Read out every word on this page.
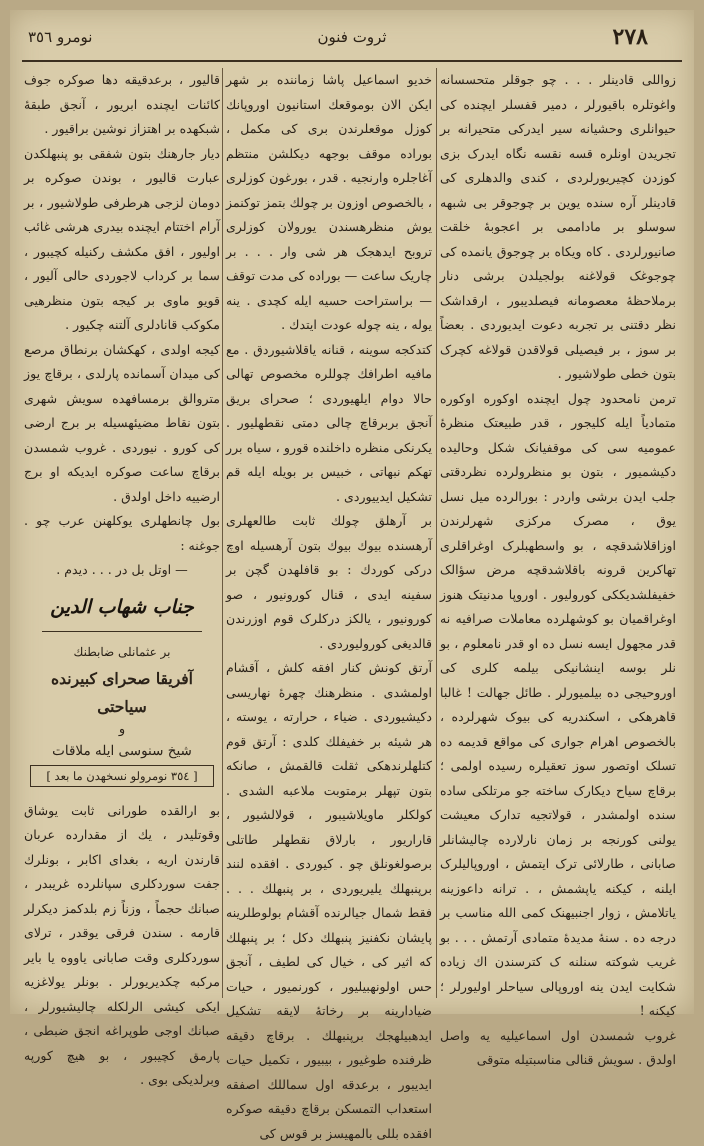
٢٧٨
ثروت فنون
نومرو ٣٥٦

زواللی قادینلر . . . چو جوقلر متحسسانه واغوتلره باقیورلر ، دمیر قفسلر ایچنده کی حیوانلری وحشیانه سیر ایدرکی متحیرانه بر تجریدن اونلره قسه نقسه نگاه ایدرک بزی کوزدن کچیریورلردی ، کندی والدهلری کی قادینلر آره سنده یوین بر چوجوقر بی شبهه سوسلو بر ماداممی بر اعجوبهٔ خلقت صانیورلردی . کاه ویکاه بر چوجوق یانمده کی چوجوغک قولاغنه بولجیلدن برشی دنار برملاحظهٔ معصومانه فیصلدیبور ، ارقداشک نظر دقتنی بر تجربه دعوت ایدیوردی . بعضاً بر سوز ، بر فیصیلی قولاقدن قولاغه کچرک بتون خطی طولاشیور .

ترمن نامحدود چول ایچنده اوکوره اوکوره متمادیاً ایله کلیجور ، قدر طبیعتک منظرهٔ عمومیه سی کی موقفیانک شکل وحالیده دکیشمیور ، بتون بو منظرولرده نظردقتی جلب ایدن برشی واردر : بورالرده میل نسل یوق ، مصرک مرکزی شهرلرندن اوزاقلاشدقچه ، بو واسطهبلرک اوغراقلری تهاکرین قرونه باقلاشدقچه مرض سؤالک خفیفلشدیککی کورولیور . اوروپا مدنیتک هنوز اوغراقمیان بو کوشهلرده معاملات صرافیه نه قدر مجهول ایسه نسل ده او قدر نامعلوم ، بو نلر بوسه اینشانیکی بیلمه کلری کی اوروحیجی ده بیلمیورلر . طائل جهالت ! غالبا قاهرهکی ، اسکندریه کی بیوک شهرلرده ، بالخصوص اهرام جواری کی مواقع قدیمه ده تسلک اوتصور سوز تعقیلره رسیده اولمی ؛ برقاچ سیاح دیکارک ساخته جو مرتلکی ساده سنده اولمشدر ، قولاتجیه تدارک معیشت یولنی کورنجه بر زمان نارلارده چالیشانلر صابانی ، طارلائی ترک ایتمش ، اوروپالیلرک ایلنه ، کیکنه یاپشمش ، . ترانه داعوزینه یاتلامش ، زوار اجنبیهنک کمی الله مناسب بر درجه ده . سنهٔ مدیدهٔ متمادی آرتمش . . . بو غریب شوکته سنلنه ک کترسندن اك زیاده شکایت ایدن ینه اوروپالی سیاحلر اولیورلر ؛ کیکنه !

غروب شمسدن اول اسماعیلیه یه واصل اولدق . سویش قنالی مناسبتیله متوقی

خدیو اسماعیل پاشا زماننده بر شهر ایکن الان بوموقعك استانیون اوروپانك کوزل موقعلرندن بری کی مکمل ، بوراده موقف بوجهه دیکلشن منتظم آغاجلره وارنجیه . قدر ، بورغون کوزلری ، بالخصوص اوزون بر چولك بتمز توکنمز یوش منظرهسندن یورولان کوزلری تروبح ایدهجک هر شی وار . . . بر چاریک ساعت — بوراده کی مدت توقف — براستراحت حسیه ایله کچدی . ینه یوله ، ینه چوله عودت ایتدك .

کتدکجه سوینه ، قنانه یاقلاشیوردق . مع مافیه اطرافك چوللره مخصوص تهالی حالا دوام ایلهیوردی ؛ صحرای بریق آنجق بربرقاچ چالی دمتی نقطهلیور . یکرنکی منظره داخلنده قورو ، سیاه برر تهکم نبهاتی ، خبیس بر بویله ایله قم تشکیل ایدییوردی .

بر آرهلق چولك ثابت طالعهلری آرهسنده بیوك بیوك بتون آرهسیله اوچ درکی کوردك : بو قافلهدن گچن بر سفینه ایدی ، قنال کورونیور ، صو کورونیور ، یالکز درکلرک قوم اوزرندن قالدیغی کورولیوردی .

آرتق کونش کنار افقه کلش ، آقشام اولمشدی . منظرهنك چهرهٔ نهاریسی دکیشیوردی . ضیاء ، حرارته ، یوسته ، هر شیئه بر خفیفلك کلدی : آرتق قوم کتلهلرندهکی ثقلت قالقمش ، صانکه بتون تپهلر برمتوبت ملاعبه الشدی . کولکلر ماویلاشیبور ، قولالشیور ، قاراریور ، بارلاق نقطهلر طاتلی برصولغونلق چو . کیوردی . افقده لنند برپنبهلك یلیریوردی ، بر پنبهلك . . . فقط شمال جیالرنده آقشام بولوطلرینه پایشان نکفنیز پنبهلك دکل ؛ بر پنبهلك که اثیر کی ، خیال کی لطیف ، آنجق حس اولونهبیلیور ، کورنمیور ، حیات ضیادارینه بر رخاتهٔ لایقه تشکیل ایدهبیلهجك برپنبهلك . برقاچ دقیقه ظرفنده طوغیور ، بیبیور ، تکمیل حیات ایدیبور ، برعدقه اول سماللك اصفقه استعداب التمسکن برقاچ دقیقه صوکره افقده بللی بالمهیسز بر قوس کی

قالیور ، برعدقیقه دها صوکره جوف کائنات ایچنده ابریور ، آنجق طبقهٔ شبکهده بر اهتزاز نوشین براقیور .

دیار جارهنك بتون شفقی بو پنبهلکدن عبارت قالیور ، بوندن صوکره بر دومان لزجی هرطرفی طولاشیور ، بر آرام اختتام ایچنده بیدری هرشی غائب اولیور ، افق مکشف رکنیله کچیبور ، سما بر کرداب لاجوردی حالی آلیور ، قویو ماوی بر کیجه بتون منظرهیی مکوکب قانادلری آلتنه چکیور .

کیجه اولدی ، کهکشان برنطاق مرصع کی میدان آسمانده پارلدی ، برقاچ یوز متروالق برمسافهده سویش شهری بتون نقاط مضیئهسیله بر برج ارضی کی کورو . نیوردی . غروب شمسدن برقاچ ساعت صوکره ایدیکه او برج ارضییه داخل اولدق .

بول چانطهلری یوکلهنن عرب چو . جوغنه :

— اوتل بل در . . . دیدم .

جناب شهاب الدین
بر عثمانلی ضابطنك
آفریقا صحرای کبیرنده سیاحتی
و
شیخ سنوسی ایله ملاقات
[ ٣٥٤ نومرولو نسخهدن ما بعد ]

بو ارالقده طورانی ثابت یوشاق وقوتلیدر ، یك از مقدارده عربان قارندن اریه ، بغدای اکابر ، بونلرك جفت سوردکلری سپانلرده غریبدر ، صبانك حجماً ، وزناً زم بلدکمز دیکرلر قارمه . سندن فرقی یوقدر ، ترلای سوردکلری وقت صابانی یاووه یا بایر مرکبه چکدیریورلر . بونلر یولاغزیه ایکی کیشی الرلکله چالیشیورلر ، صبانك اوجی طوپراغه انجق ضبطی ، پارمق کچیبور ، بو هیچ کورپه وبرلدیکی بوی .
